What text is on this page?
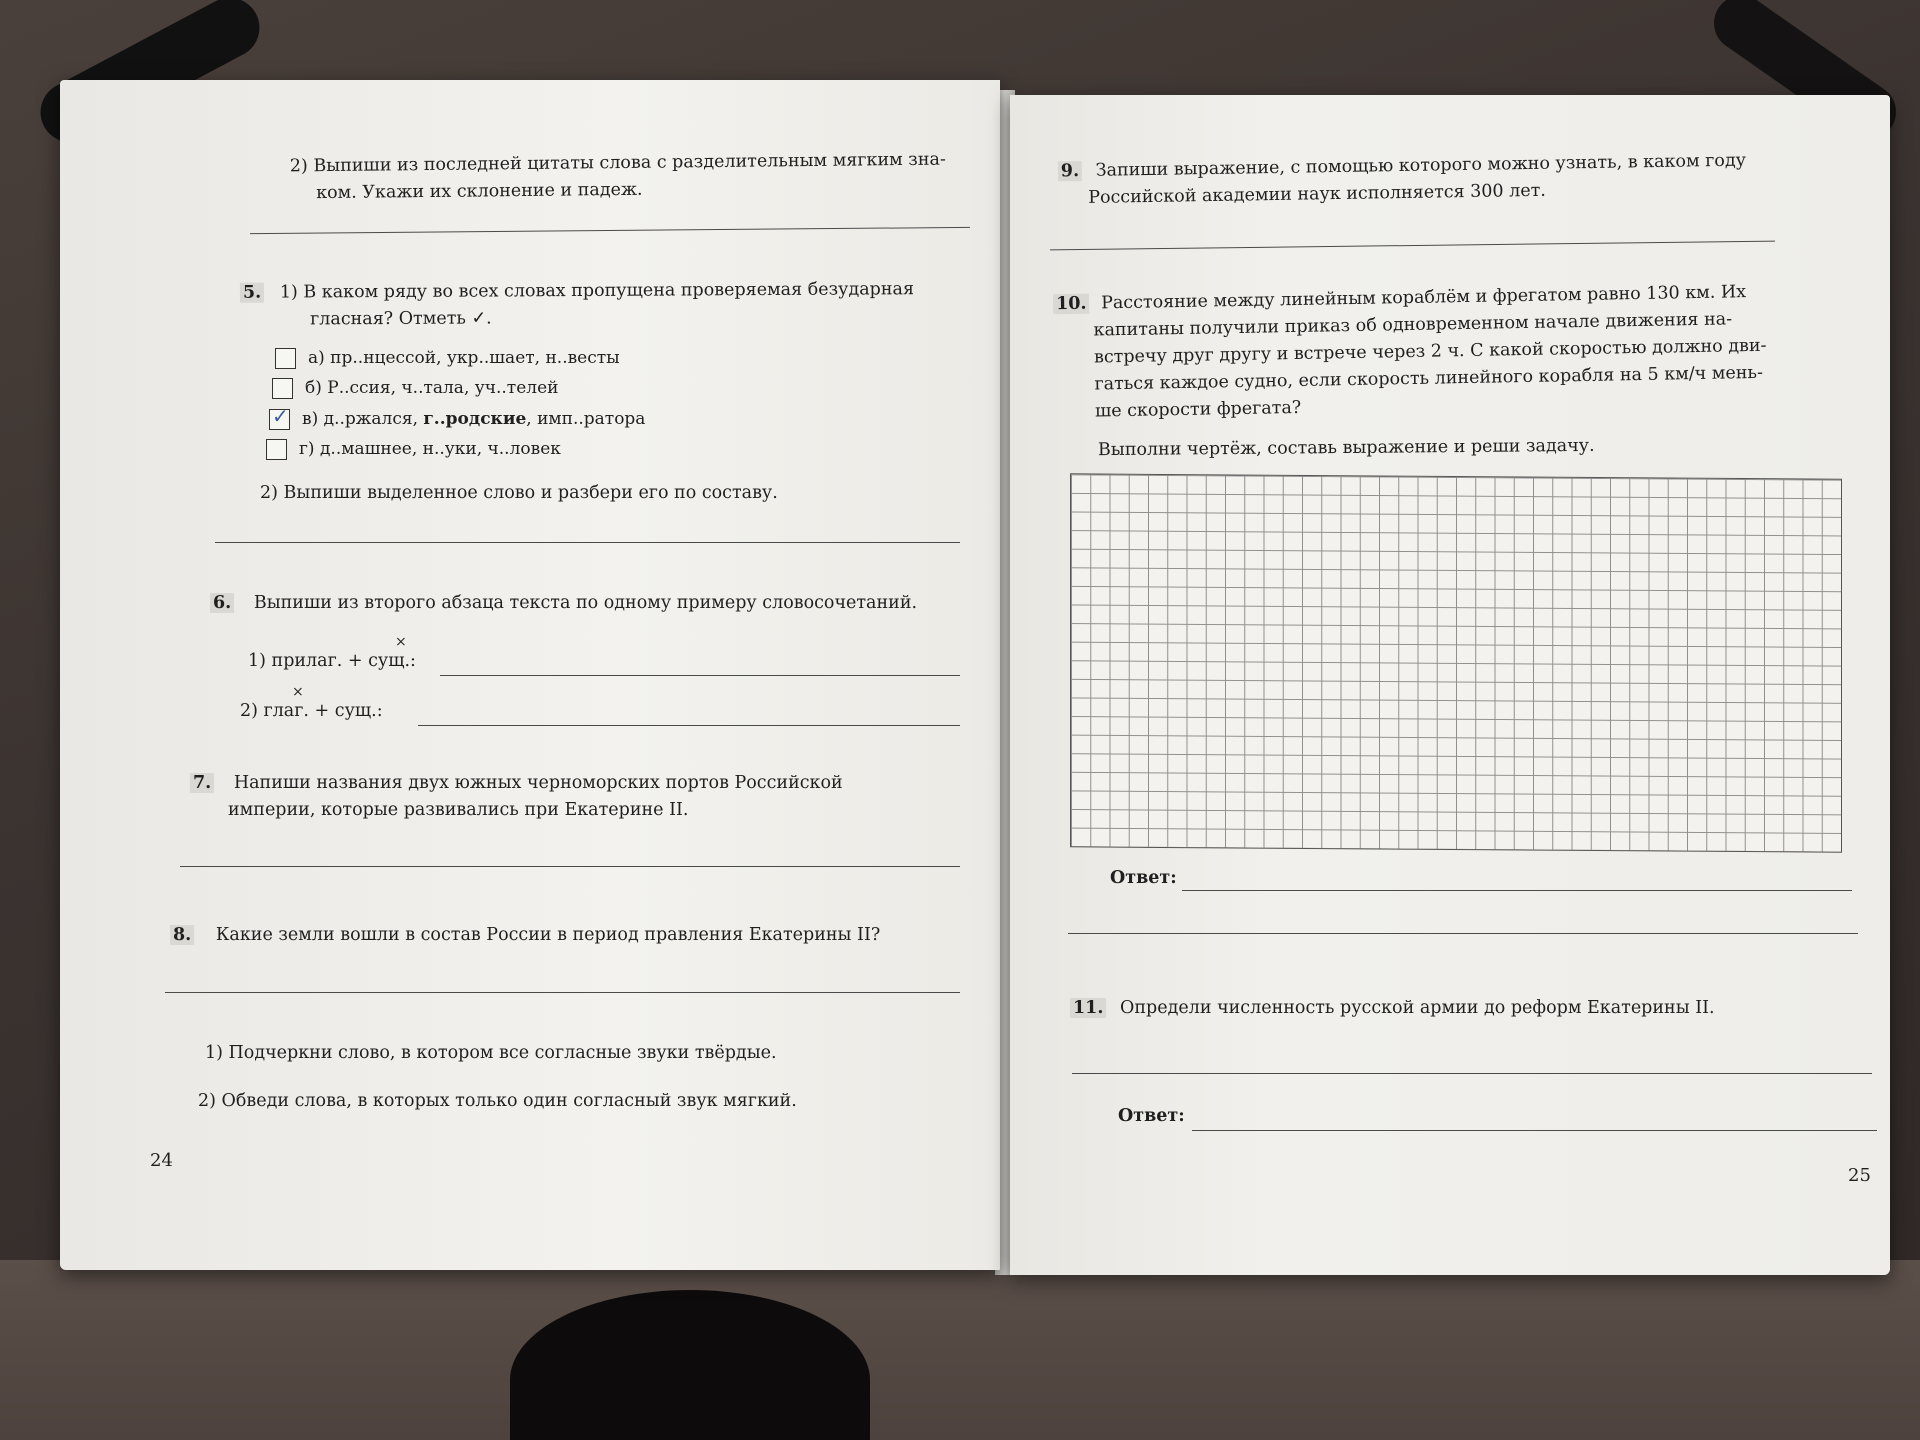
2) Выпиши из последней цитаты слова с разделительным мягким зна-
ком. Укажи их склонение и падеж.
5. 1) В каком ряду во всех словах пропущена проверяемая безударная
гласная? Отметь ✓.
а) пр..нцессой, укр..шает, н..весты
б) Р..ссия, ч..тала, уч..телей
✓ в) д..ржался, г..родские, имп..ратора
г) д..машнее, н..уки, ч..ловек
2) Выпиши выделенное слово и разбери его по составу.
6. Выпиши из второго абзаца текста по одному примеру словосочетаний.
×
1) прилаг. + сущ.:
×
2) глаг. + сущ.:
7. Напиши названия двух южных черноморских портов Российской
империи, которые развивались при Екатерине II.
8. Какие земли вошли в состав России в период правления Екатерины II?
1) Подчеркни слово, в котором все согласные звуки твёрдые.
2) Обведи слова, в которых только один согласный звук мягкий.
24
9. Запиши выражение, с помощью которого можно узнать, в каком году
Российской академии наук исполняется 300 лет.
10. Расстояние между линейным кораблём и фрегатом равно 130 км. Их
капитаны получили приказ об одновременном начале движения на-
встречу друг другу и встрече через 2 ч. С какой скоростью должно дви-
гаться каждое судно, если скорость линейного корабля на 5 км/ч мень-
ше скорости фрегата?
Выполни чертёж, составь выражение и реши задачу.
Ответ:
11. Определи численность русской армии до реформ Екатерины II.
Ответ:
25
